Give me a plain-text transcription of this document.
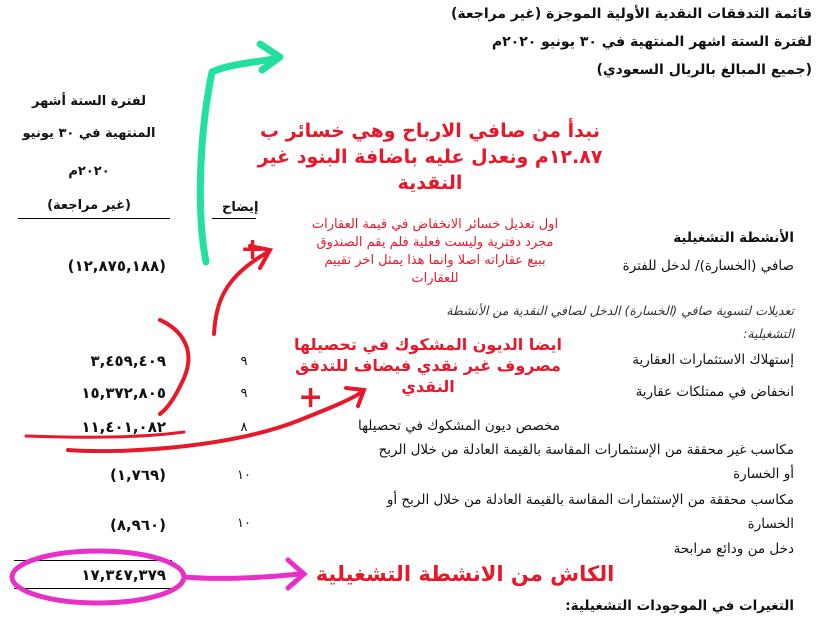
قائمة التدفقات النقدية الأولية الموجزة (غير مراجعة)
لفترة الستة اشهر المنتهية في ٣٠ يونيو ٢٠٢٠م
(جميع المبالغ بالريال السعودي)
لفترة الستة أشهر
المنتهية في ٣٠ يونيو
٢٠٢٠م
(غير مراجعة)	إيضاح
الأنشطة التشغيلية
صافي (الخسارة)/ لدخل للفترة
(١٢,٨٧٥,١٨٨)
تعديلات لتسوية صافي (الخسارة) الدخل لصافي النقدية من الأنشطة
التشغيلية:
إستهلاك الاستثمارات العقارية
٩
٣,٤٥٩,٤٠٩
انخفاض في ممتلكات عقارية
٩
١٥,٣٧٢,٨٠٥
مخصص ديون المشكوك في تحصيلها
٨
١١,٤٠١,٠٨٢
مكاسب غير محققة من الإستثمارات المقاسة بالقيمة العادلة من خلال الربح
أو الخسارة
١٠
(١,٧٦٩)
مكاسب محققة من الإستثمارات المقاسة بالقيمة العادلة من خلال الربح أو
الخسارة
١٠
(٨,٩٦٠)
دخل من ودائع مرابحة
١٧,٣٤٧,٣٧٩
التغيرات في الموجودات التشغيلية:
+
+
نبدأ من صافي الارباح وهي خسائر ب
١٢.٨٧م ونعدل عليه باضافة البنود غير
النقدية
اول تعديل خسائر الانخفاض في قيمة العقارات
مجرد دفترية وليست فعلية فلم يقم الصندوق
ببيع عقاراته اصلا وانما هذا يمثل اخر تقييم
للعقارات
ايضا الديون المشكوك في تحصيلها
مصروف غير نقدي فيضاف للتدفق
النقدي
الكاش من الانشطة التشغيلية
